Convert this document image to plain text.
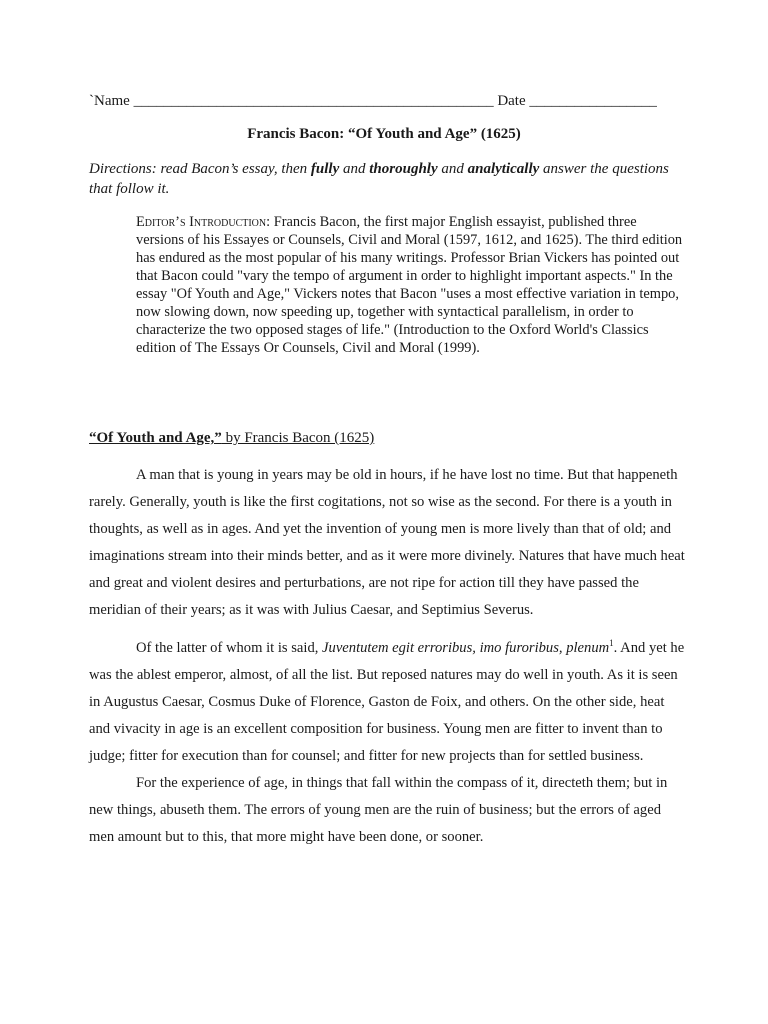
`Name ________________________________________________ Date _________________
Francis Bacon: “Of Youth and Age” (1625)
Directions: read Bacon’s essay, then fully and thoroughly and analytically answer the questions that follow it.
Editor’s Introduction: Francis Bacon, the first major English essayist, published three versions of his Essayes or Counsels, Civil and Moral (1597, 1612, and 1625). The third edition has endured as the most popular of his many writings. Professor Brian Vickers has pointed out that Bacon could "vary the tempo of argument in order to highlight important aspects." In the essay "Of Youth and Age," Vickers notes that Bacon "uses a most effective variation in tempo, now slowing down, now speeding up, together with syntactical parallelism, in order to characterize the two opposed stages of life." (Introduction to the Oxford World's Classics edition of The Essays Or Counsels, Civil and Moral (1999).
“Of Youth and Age,” by Francis Bacon (1625)

A man that is young in years may be old in hours, if he have lost no time. But that happeneth rarely. Generally, youth is like the first cogitations, not so wise as the second. For there is a youth in thoughts, as well as in ages. And yet the invention of young men is more lively than that of old; and imaginations stream into their minds better, and as it were more divinely. Natures that have much heat and great and violent desires and perturbations, are not ripe for action till they have passed the meridian of their years; as it was with Julius Caesar, and Septimius Severus.

Of the latter of whom it is said, Juventutem egit erroribus, imo furoribus, plenum$^1$. And yet he was the ablest emperor, almost, of all the list. But reposed natures may do well in youth. As it is seen in Augustus Caesar, Cosmus Duke of Florence, Gaston de Foix, and others. On the other side, heat and vivacity in age is an excellent composition for business. Young men are fitter to invent than to judge; fitter for execution than for counsel; and fitter for new projects than for settled business.

For the experience of age, in things that fall within the compass of it, directeth them; but in new things, abuseth them. The errors of young men are the ruin of business; but the errors of aged men amount but to this, that more might have been done, or sooner.
